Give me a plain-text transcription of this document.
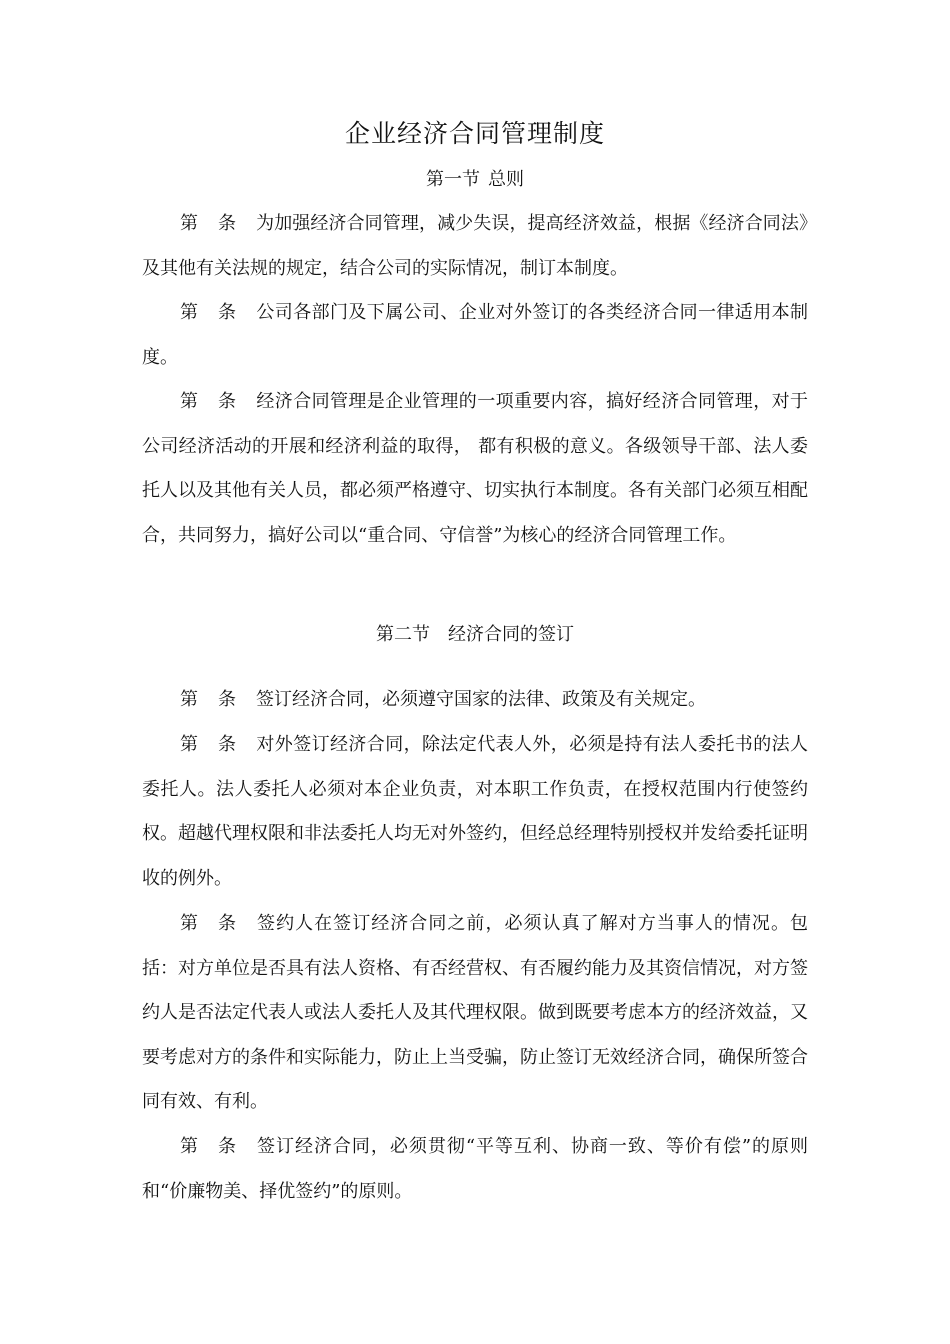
企业经济合同管理制度
第一节 总则

第 条 为加强经济合同管理，减少失误，提高经济效益，根据《经济合同法》及其他有关法规的规定，结合公司的实际情况，制订本制度。

第 条 公司各部门及下属公司、企业对外签订的各类经济合同一律适用本制度。

第 条 经济合同管理是企业管理的一项重要内容，搞好经济合同管理，对于公司经济活动的开展和经济利益的取得， 都有积极的意义。各级领导干部、法人委托人以及其他有关人员，都必须严格遵守、切实执行本制度。各有关部门必须互相配合，共同努力，搞好公司以“重合同、守信誉”为核心的经济合同管理工作。

第二节 经济合同的签订

第 条 签订经济合同，必须遵守国家的法律、政策及有关规定。

第 条 对外签订经济合同，除法定代表人外，必须是持有法人委托书的法人委托人。法人委托人必须对本企业负责，对本职工作负责，在授权范围内行使签约权。超越代理权限和非法委托人均无对外签约，但经总经理特别授权并发给委托证明收的例外。

第 条 签约人在签订经济合同之前，必须认真了解对方当事人的情况。包括：对方单位是否具有法人资格、有否经营权、有否履约能力及其资信情况，对方签约人是否法定代表人或法人委托人及其代理权限。做到既要考虑本方的经济效益，又要考虑对方的条件和实际能力，防止上当受骗，防止签订无效经济合同，确保所签合同有效、有利。

第 条 签订经济合同，必须贯彻“平等互利、协商一致、等价有偿”的原则和“价廉物美、择优签约”的原则。
